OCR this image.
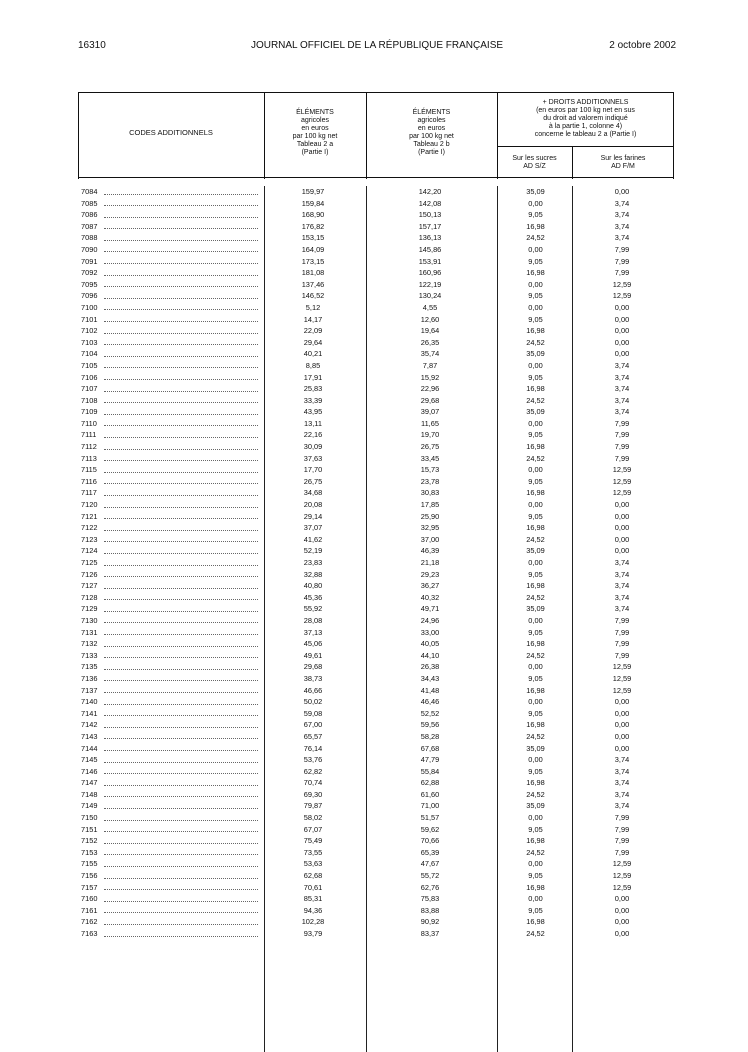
16310	JOURNAL OFFICIEL DE LA RÉPUBLIQUE FRANÇAISE	2 octobre 2002
CODES ADDITIONNELS
ÉLÉMENTS
agricoles
en euros
par 100 kg net
Tableau 2 a
(Partie I)
ÉLÉMENTS
agricoles
en euros
par 100 kg net
Tableau 2 b
(Partie I)
+ DROITS ADDITIONNELS
(en euros par 100 kg net en sus
du droit ad valorem indiqué
à la partie 1, colonne 4)
concerne le tableau 2 a (Partie I)
Sur les sucres
AD S/Z
Sur les farines
AD F/M
7084	159,97	142,20	35,09	0,00
7085	159,84	142,08	0,00	3,74
7086	168,90	150,13	9,05	3,74
7087	176,82	157,17	16,98	3,74
7088	153,15	136,13	24,52	3,74
7090	164,09	145,86	0,00	7,99
7091	173,15	153,91	9,05	7,99
7092	181,08	160,96	16,98	7,99
7095	137,46	122,19	0,00	12,59
7096	146,52	130,24	9,05	12,59
7100	5,12	4,55	0,00	0,00
7101	14,17	12,60	9,05	0,00
7102	22,09	19,64	16,98	0,00
7103	29,64	26,35	24,52	0,00
7104	40,21	35,74	35,09	0,00
7105	8,85	7,87	0,00	3,74
7106	17,91	15,92	9,05	3,74
7107	25,83	22,96	16,98	3,74
7108	33,39	29,68	24,52	3,74
7109	43,95	39,07	35,09	3,74
7110	13,11	11,65	0,00	7,99
7111	22,16	19,70	9,05	7,99
7112	30,09	26,75	16,98	7,99
7113	37,63	33,45	24,52	7,99
7115	17,70	15,73	0,00	12,59
7116	26,75	23,78	9,05	12,59
7117	34,68	30,83	16,98	12,59
7120	20,08	17,85	0,00	0,00
7121	29,14	25,90	9,05	0,00
7122	37,07	32,95	16,98	0,00
7123	41,62	37,00	24,52	0,00
7124	52,19	46,39	35,09	0,00
7125	23,83	21,18	0,00	3,74
7126	32,88	29,23	9,05	3,74
7127	40,80	36,27	16,98	3,74
7128	45,36	40,32	24,52	3,74
7129	55,92	49,71	35,09	3,74
7130	28,08	24,96	0,00	7,99
7131	37,13	33,00	9,05	7,99
7132	45,06	40,05	16,98	7,99
7133	49,61	44,10	24,52	7,99
7135	29,68	26,38	0,00	12,59
7136	38,73	34,43	9,05	12,59
7137	46,66	41,48	16,98	12,59
7140	50,02	46,46	0,00	0,00
7141	59,08	52,52	9,05	0,00
7142	67,00	59,56	16,98	0,00
7143	65,57	58,28	24,52	0,00
7144	76,14	67,68	35,09	0,00
7145	53,76	47,79	0,00	3,74
7146	62,82	55,84	9,05	3,74
7147	70,74	62,88	16,98	3,74
7148	69,30	61,60	24,52	3,74
7149	79,87	71,00	35,09	3,74
7150	58,02	51,57	0,00	7,99
7151	67,07	59,62	9,05	7,99
7152	75,49	70,66	16,98	7,99
7153	73,55	65,39	24,52	7,99
7155	53,63	47,67	0,00	12,59
7156	62,68	55,72	9,05	12,59
7157	70,61	62,76	16,98	12,59
7160	85,31	75,83	0,00	0,00
7161	94,36	83,88	9,05	0,00
7162	102,28	90,92	16,98	0,00
7163	93,79	83,37	24,52	0,00
